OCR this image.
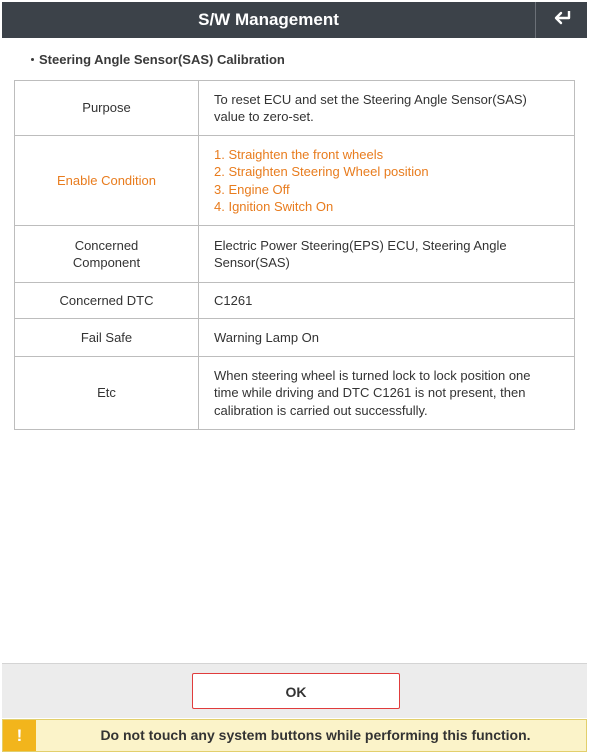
S/W Management
Steering Angle Sensor(SAS) Calibration
Purpose	To reset ECU and set the Steering Angle Sensor(SAS)
value to zero-set.
Enable Condition	1. Straighten the front wheels
2. Straighten Steering Wheel position
3. Engine Off
4. Ignition Switch On
Concerned
Component	Electric Power Steering(EPS) ECU, Steering Angle
Sensor(SAS)
Concerned DTC	C1261
Fail Safe	Warning Lamp On
Etc	When steering wheel is turned lock to lock position one
time while driving and DTC C1261 is not present, then
calibration is carried out successfully.
OK
!	Do not touch any system buttons while performing this function.
